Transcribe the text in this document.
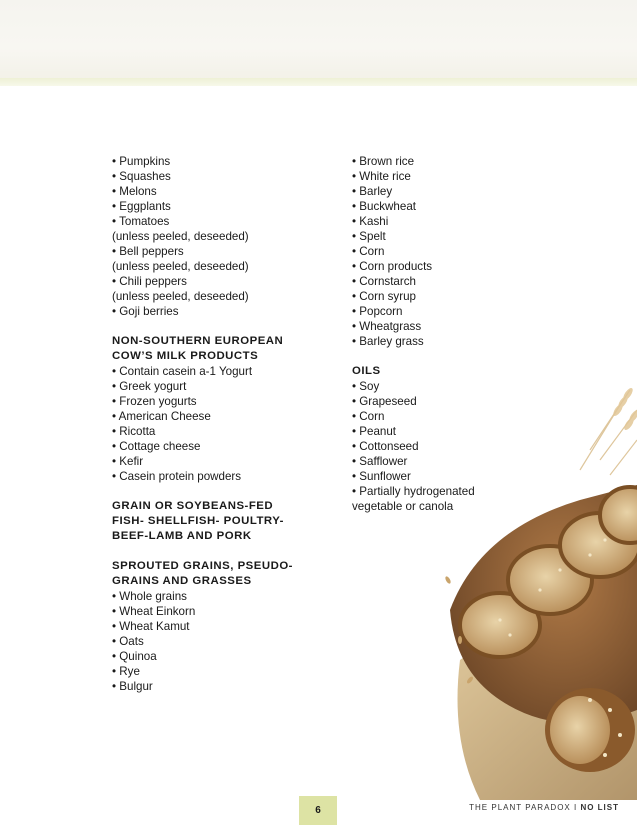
• Pumpkins
• Squashes
• Melons
• Eggplants
• Tomatoes
(unless peeled, deseeded)
• Bell peppers
(unless peeled, deseeded)
• Chili peppers
(unless peeled, deseeded)
• Goji berries
NON-SOUTHERN EUROPEAN
COW’S MILK PRODUCTS
• Contain casein a-1 Yogurt
• Greek yogurt
• Frozen yogurts
• American Cheese
• Ricotta
• Cottage cheese
• Kefir
• Casein protein powders
GRAIN OR SOYBEANS-FED
FISH- SHELLFISH- POULTRY-
BEEF-LAMB AND PORK
SPROUTED GRAINS, PSEUDO-
GRAINS AND GRASSES
• Whole grains
• Wheat Einkorn
• Wheat Kamut
• Oats
• Quinoa
• Rye
• Bulgur
• Brown rice
• White rice
• Barley
• Buckwheat
• Kashi
• Spelt
• Corn
• Corn products
• Cornstarch
• Corn syrup
• Popcorn
• Wheatgrass
• Barley grass
OILS
• Soy
• Grapeseed
• Corn
• Peanut
• Cottonseed
• Safflower
• Sunflower
• Partially hydrogenated
vegetable or canola
6	THE PLANT PARADOX I NO LIST
